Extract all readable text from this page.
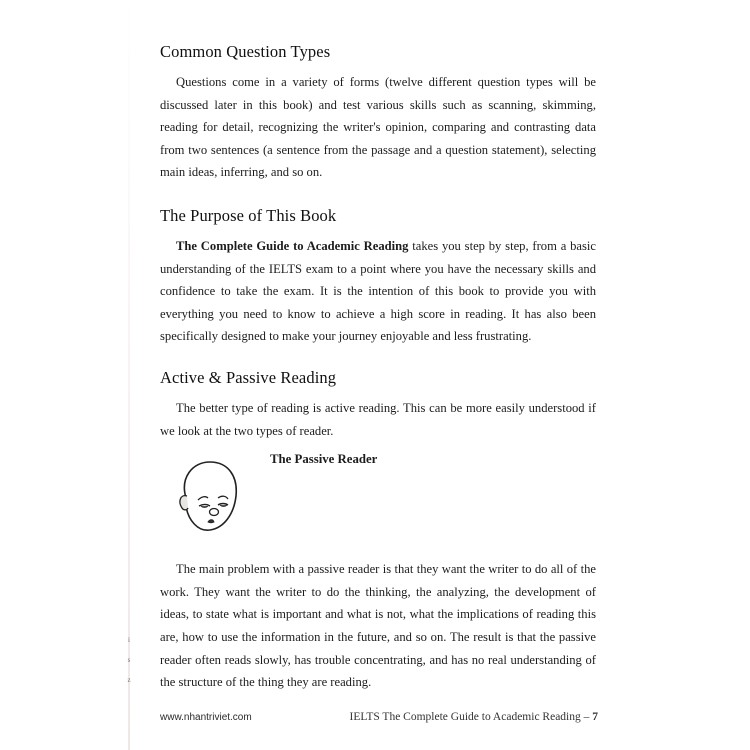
i
s
z
Common Question Types

Questions come in a variety of forms (twelve different question types will be discussed later in this book) and test various skills such as scanning, skimming, reading for detail, recognizing the writer's opinion, comparing and contrasting data from two sentences (a sentence from the passage and a question statement), selecting main ideas, inferring, and so on.

The Purpose of This Book

The Complete Guide to Academic Reading takes you step by step, from a basic understanding of the IELTS exam to a point where you have the necessary skills and confidence to take the exam. It is the intention of this book to provide you with everything you need to know to achieve a high score in reading. It has also been specifically designed to make your journey enjoyable and less frustrating.

Active & Passive Reading

The better type of reading is active reading. This can be more easily understood if we look at the two types of reader.

The Passive Reader

The main problem with a passive reader is that they want the writer to do all of the work. They want the writer to do the thinking, the analyzing, the development of ideas, to state what is important and what is not, what the implications of reading this are, how to use the information in the future, and so on. The result is that the passive reader often reads slowly, has trouble concentrating, and has no real understanding of the structure of the thing they are reading.

www.nhantriviet.com	IELTS The Complete Guide to Academic Reading – 7
